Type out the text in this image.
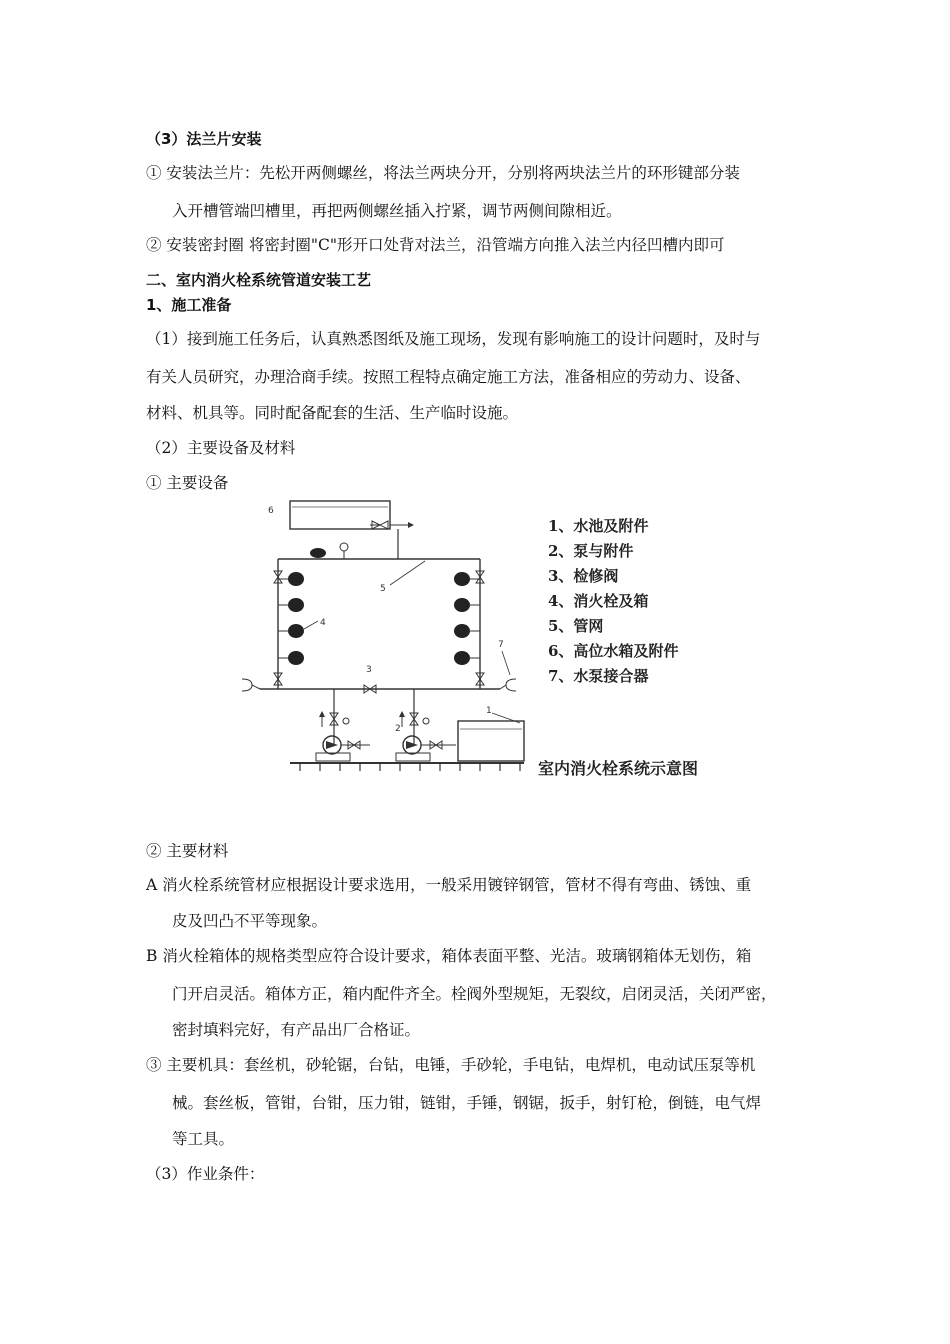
（3）法兰片安装
① 安装法兰片：先松开两侧螺丝，将法兰两块分开，分别将两块法兰片的环形键部分装
入开槽管端凹槽里，再把两侧螺丝插入拧紧，调节两侧间隙相近。
② 安装密封圈 将密封圈"C"形开口处背对法兰，沿管端方向推入法兰内径凹槽内即可
二、室内消火栓系统管道安装工艺
1、施工准备
（1）接到施工任务后，认真熟悉图纸及施工现场，发现有影响施工的设计问题时，及时与
有关人员研究，办理洽商手续。按照工程特点确定施工方法，准备相应的劳动力、设备、
材料、机具等。同时配备配套的生活、生产临时设施。
（2）主要设备及材料
① 主要设备
6
5
4
7
3
2
1
1、水池及附件
2、泵与附件
3、检修阀
4、消火栓及箱
5、管网
6、高位水箱及附件
7、水泵接合器
室内消火栓系统示意图
② 主要材料
A 消火栓系统管材应根据设计要求选用，一般采用镀锌钢管，管材不得有弯曲、锈蚀、重
皮及凹凸不平等现象。
B 消火栓箱体的规格类型应符合设计要求，箱体表面平整、光洁。玻璃钢箱体无划伤，箱
门开启灵活。箱体方正，箱内配件齐全。栓阀外型规矩，无裂纹，启闭灵活，关闭严密，
密封填料完好，有产品出厂合格证。
③ 主要机具：套丝机，砂轮锯，台钻，电锤，手砂轮，手电钻，电焊机，电动试压泵等机
械。套丝板，管钳，台钳，压力钳，链钳，手锤，钢锯，扳手，射钉枪，倒链，电气焊
等工具。
（3）作业条件：
